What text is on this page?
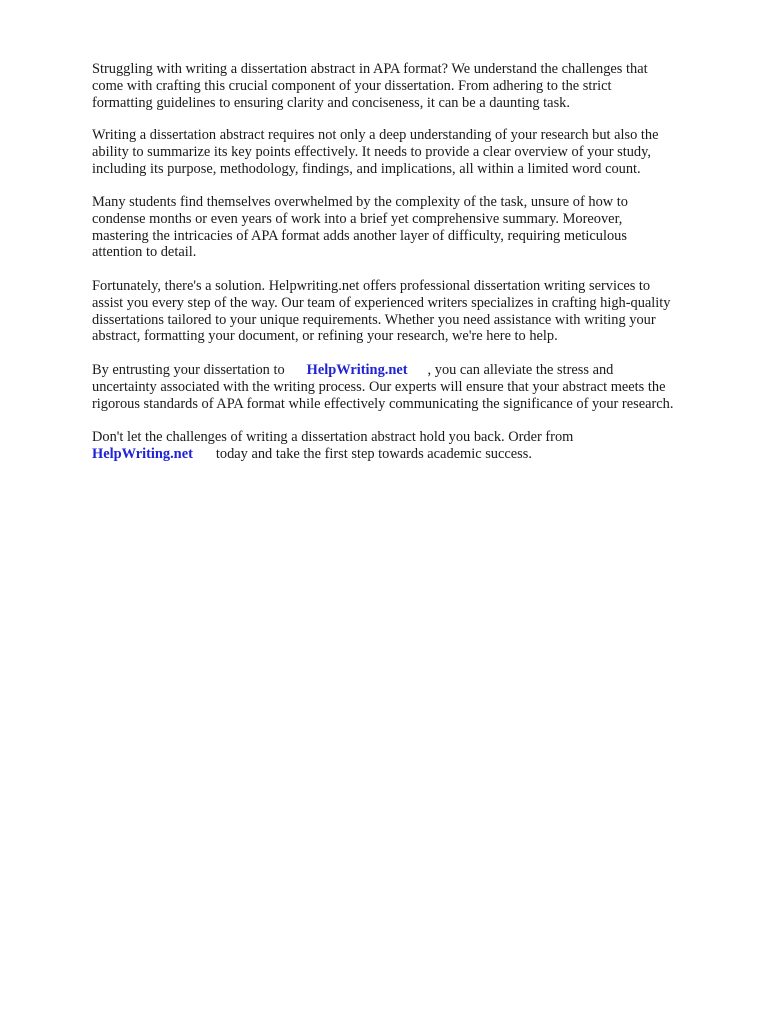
Struggling with writing a dissertation abstract in APA format? We understand the challenges that
come with crafting this crucial component of your dissertation. From adhering to the strict
formatting guidelines to ensuring clarity and conciseness, it can be a daunting task.

Writing a dissertation abstract requires not only a deep understanding of your research but also the
ability to summarize its key points effectively. It needs to provide a clear overview of your study,
including its purpose, methodology, findings, and implications, all within a limited word count.

Many students find themselves overwhelmed by the complexity of the task, unsure of how to
condense months or even years of work into a brief yet comprehensive summary. Moreover,
mastering the intricacies of APA format adds another layer of difficulty, requiring meticulous
attention to detail.

Fortunately, there's a solution. Helpwriting.net offers professional dissertation writing services to
assist you every step of the way. Our team of experienced writers specializes in crafting high-quality
dissertations tailored to your unique requirements. Whether you need assistance with writing your
abstract, formatting your document, or refining your research, we're here to help.

By entrusting your dissertation to HelpWriting.net , you can alleviate the stress and
uncertainty associated with the writing process. Our experts will ensure that your abstract meets the
rigorous standards of APA format while effectively communicating the significance of your research.

Don't let the challenges of writing a dissertation abstract hold you back. Order from
HelpWriting.net today and take the first step towards academic success.
